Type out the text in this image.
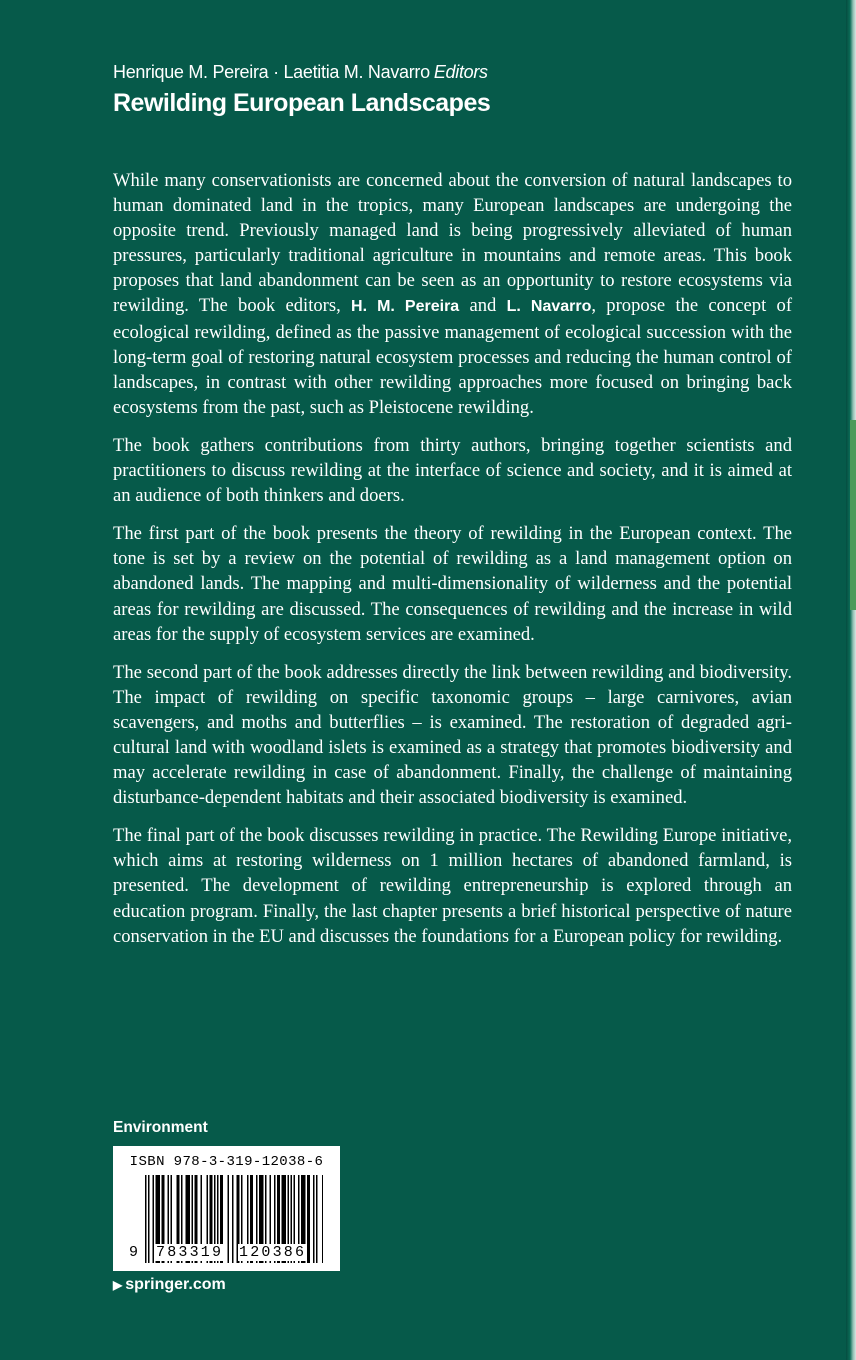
Henrique M. Pereira · Laetitia M. Navarro Editors
Rewilding European Landscapes

While many conservationists are concerned about the conversion of natural landscapes to human dominated land in the tropics, many European landscapes are undergoing the opposite trend. Previously managed land is being progressively alleviated of human pressures, particularly traditional agriculture in mountains and remote areas. This book proposes that land abandonment can be seen as an opportunity to restore ecosystems via rewilding. The book editors, H. M. Pereira and L. Navarro, propose the concept of ecological rewilding, defined as the passive management of ecological succession with the long-term goal of restoring natural ecosystem processes and reducing the human control of landscapes, in contrast with other rewilding approaches more focused on bringing back ecosystems from the past, such as Pleistocene rewilding.

The book gathers contributions from thirty authors, bringing together scientists and practitioners to discuss rewilding at the interface of science and society, and it is aimed at an audience of both thinkers and doers.

The first part of the book presents the theory of rewilding in the European context. The tone is set by a review on the potential of rewilding as a land management option on abandoned lands. The mapping and multi-dimensionality of wilderness and the potential areas for rewilding are discussed. The consequences of rewilding and the increase in wild areas for the supply of ecosystem services are examined.

The second part of the book addresses directly the link between rewilding and biodiversity. The impact of rewilding on specific taxonomic groups – large carnivores, avian scavengers, and moths and butterflies – is examined. The restoration of degraded agricultural land with woodland islets is examined as a strategy that promotes biodiversity and may accelerate rewilding in case of abandonment. Finally, the challenge of maintaining disturbance-dependent habitats and their associated biodiversity is examined.

The final part of the book discusses rewilding in practice. The Rewilding Europe initiative, which aims at restoring wilderness on 1 million hectares of abandoned farmland, is presented. The development of rewilding entrepreneurship is explored through an education program. Finally, the last chapter presents a brief historical perspective of nature conservation in the EU and discusses the foundations for a European policy for rewilding.

Environment
ISBN 978-3-319-12038-6
9 783319 120386
▶ springer.com
